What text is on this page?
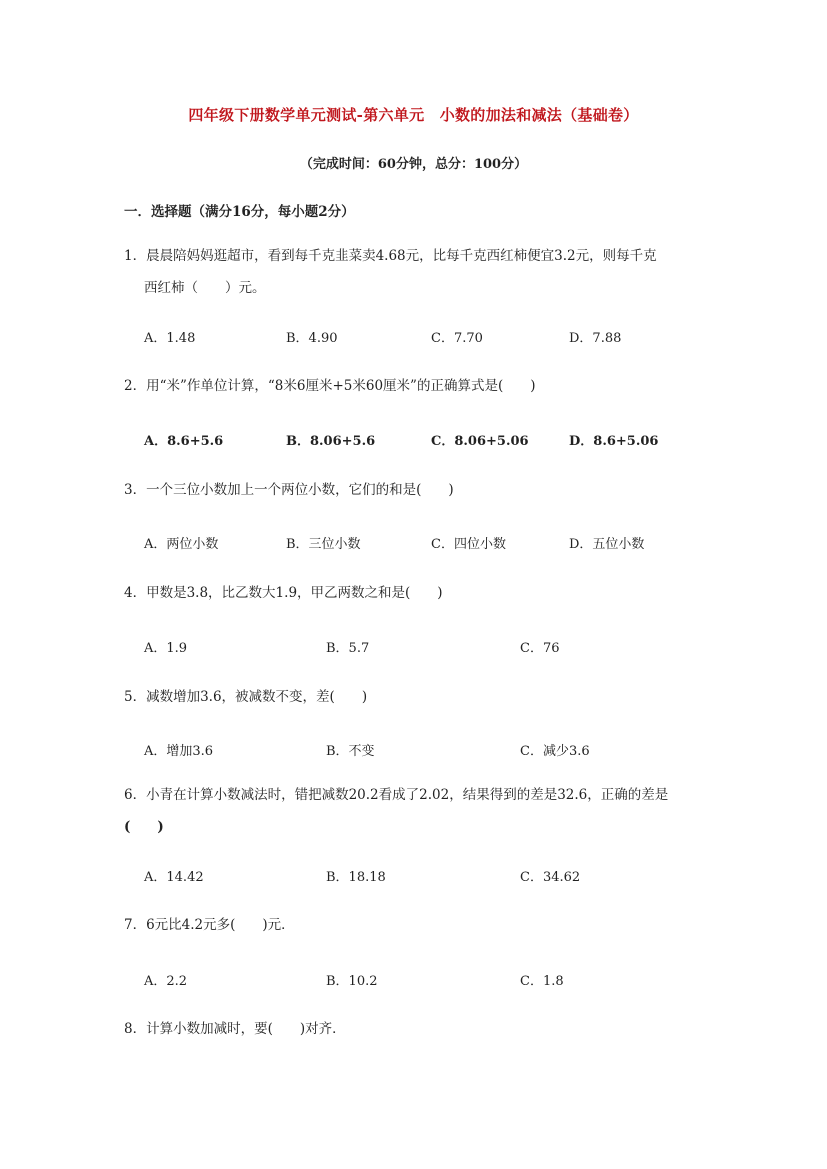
四年级下册数学单元测试-第六单元　小数的加法和减法（基础卷）
（完成时间：60分钟，总分：100分）
一．选择题（满分16分，每小题2分）
1．晨晨陪妈妈逛超市，看到每千克韭菜卖4.68元，比每千克西红柿便宜3.2元，则每千克
西红柿（　　）元。
A．1.48	B．4.90	C．7.70	D．7.88
2．用“米”作单位计算，“8米6厘米+5米60厘米”的正确算式是(　　)
A．8.6+5.6	B．8.06+5.6	C．8.06+5.06	D．8.6+5.06
3．一个三位小数加上一个两位小数，它们的和是(　　)
A．两位小数	B．三位小数	C．四位小数	D．五位小数
4．甲数是3.8，比乙数大1.9，甲乙两数之和是(　　)
A．1.9	B．5.7	C．76
5．减数增加3.6，被减数不变，差(　　)
A．增加3.6	B．不变	C．减少3.6
6．小青在计算小数减法时，错把减数20.2看成了2.02，结果得到的差是32.6，正确的差是
(　　)
A．14.42	B．18.18	C．34.62
7．6元比4.2元多(　　)元．
A．2.2	B．10.2	C．1.8
8．计算小数加减时，要(　　)对齐．
